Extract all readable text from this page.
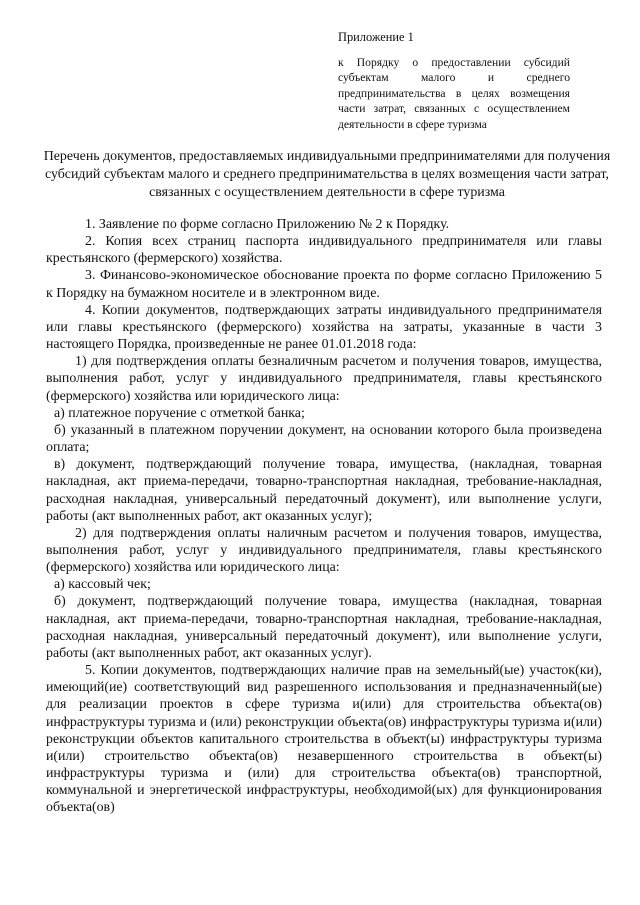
Приложение 1

к Порядку о предоставлении субсидий субъектам малого и среднего предпринимательства в целях возмещения части затрат, связанных с осуществлением деятельности в сфере туризма

Перечень документов, предоставляемых индивидуальными предпринимателями для получения субсидий субъектам малого и среднего предпринимательства в целях возмещения части затрат, связанных с осуществлением деятельности в сфере туризма

1. Заявление по форме согласно Приложению № 2 к Порядку.

2. Копия всех страниц паспорта индивидуального предпринимателя или главы крестьянского (фермерского) хозяйства.

3. Финансово-экономическое обоснование проекта по форме согласно Приложению 5 к Порядку на бумажном носителе и в электронном виде.

4. Копии документов, подтверждающих затраты индивидуального предпринимателя или главы крестьянского (фермерского) хозяйства на затраты, указанные в части 3 настоящего Порядка, произведенные не ранее 01.01.2018 года:

1) для подтверждения оплаты безналичным расчетом и получения товаров, имущества, выполнения работ, услуг у индивидуального предпринимателя, главы крестьянского (фермерского) хозяйства или юридического лица:

а) платежное поручение с отметкой банка;

б) указанный в платежном поручении документ, на основании которого была произведена оплата;

в) документ, подтверждающий получение товара, имущества, (накладная, товарная накладная, акт приема-передачи, товарно-транспортная накладная, требование-накладная, расходная накладная, универсальный передаточный документ), или выполнение услуги, работы (акт выполненных работ, акт оказанных услуг);

2) для подтверждения оплаты наличным расчетом и получения товаров, имущества, выполнения работ, услуг у индивидуального предпринимателя, главы крестьянского (фермерского) хозяйства или юридического лица:

а) кассовый чек;

б) документ, подтверждающий получение товара, имущества (накладная, товарная накладная, акт приема-передачи, товарно-транспортная накладная, требование-накладная, расходная накладная, универсальный передаточный документ), или выполнение услуги, работы (акт выполненных работ, акт оказанных услуг).

5. Копии документов, подтверждающих наличие прав на земельный(ые) участок(ки), имеющий(ие) соответствующий вид разрешенного использования и предназначенный(ые) для реализации проектов в сфере туризма и(или) для строительства объекта(ов) инфраструктуры туризма и (или) реконструкции объекта(ов) инфраструктуры туризма и(или) реконструкции объектов капитального строительства в объект(ы) инфраструктуры туризма и(или) строительство объекта(ов) незавершенного строительства в объект(ы) инфраструктуры туризма и (или) для строительства объекта(ов) транспортной, коммунальной и энергетической инфраструктуры, необходимой(ых) для функционирования объекта(ов)
